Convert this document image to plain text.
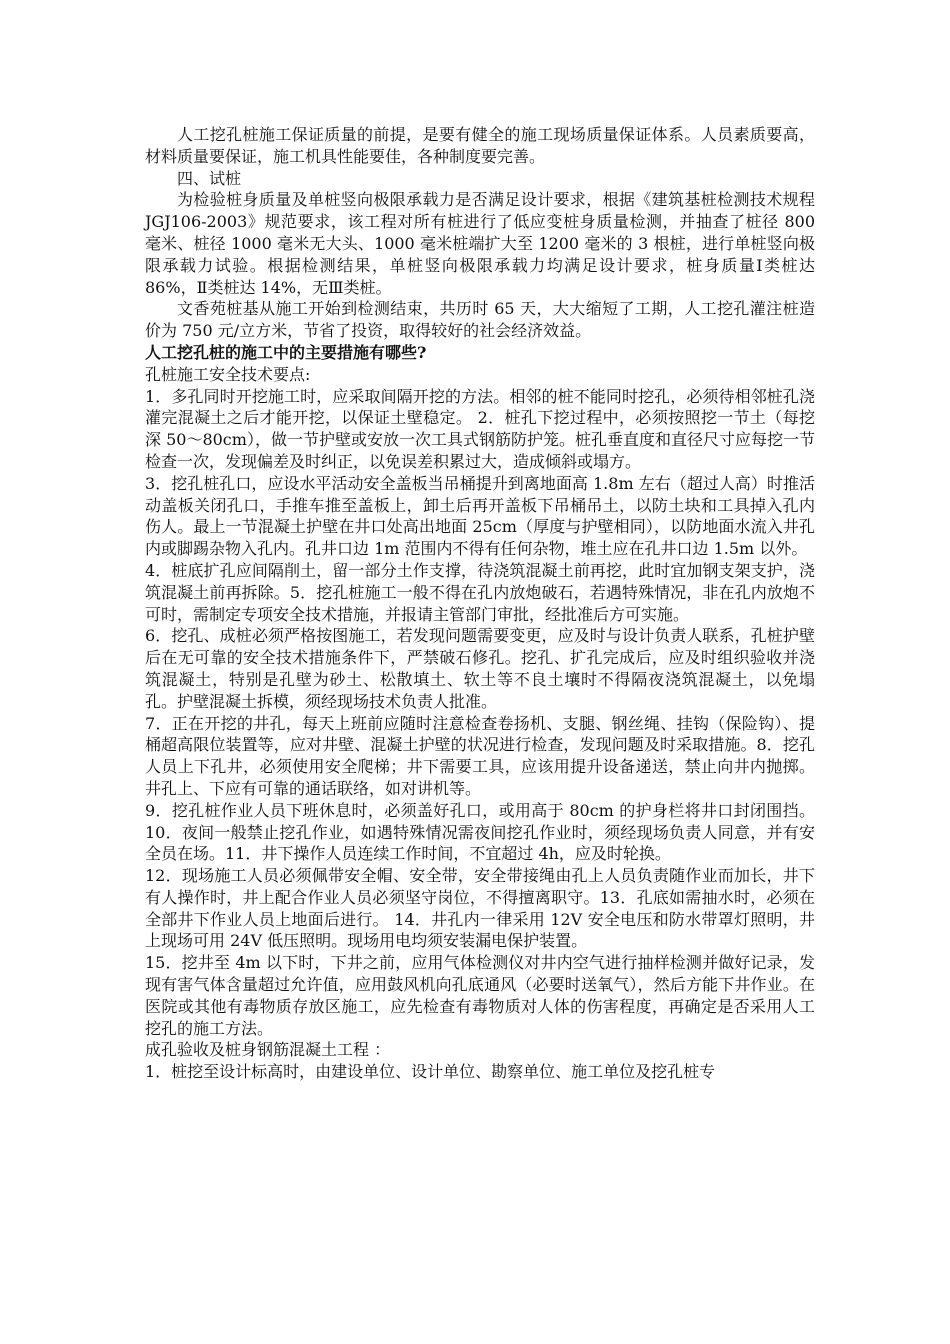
人工挖孔桩施工保证质量的前提，是要有健全的施工现场质量保证体系。人员素质要高，材料质量要保证，施工机具性能要佳，各种制度要完善。

四、试桩

为检验桩身质量及单桩竖向极限承载力是否满足设计要求，根据《建筑基桩检测技术规程 JGJ106-2003》规范要求，该工程对所有桩进行了低应变桩身质量检测，并抽查了桩径 800 毫米、桩径 1000 毫米无大头、1000 毫米桩端扩大至 1200 毫米的 3 根桩，进行单桩竖向极限承载力试验。根据检测结果，单桩竖向极限承载力均满足设计要求，桩身质量Ⅰ类桩达 86%，Ⅱ类桩达 14%，无Ⅲ类桩。

文香苑桩基从施工开始到检测结束，共历时 65 天，大大缩短了工期，人工挖孔灌注桩造价为 750 元/立方米，节省了投资，取得较好的社会经济效益。

人工挖孔桩的施工中的主要措施有哪些?

孔桩施工安全技术要点:

1．多孔同时开挖施工时，应采取间隔开挖的方法。相邻的桩不能同时挖孔，必须待相邻桩孔浇灌完混凝土之后才能开挖，以保证土壁稳定。 2．桩孔下挖过程中，必须按照挖一节土（每挖深 50～80cm），做一节护壁或安放一次工具式钢筋防护笼。桩孔垂直度和直径尺寸应每挖一节检查一次，发现偏差及时纠正，以免误差积累过大，造成倾斜或塌方。

3．挖孔桩孔口，应设水平活动安全盖板当吊桶提升到离地面高 1.8m 左右（超过人高）时推活动盖板关闭孔口，手推车推至盖板上，卸土后再开盖板下吊桶吊土，以防土块和工具掉入孔内伤人。最上一节混凝土护壁在井口处高出地面 25cm（厚度与护壁相同），以防地面水流入井孔内或脚踢杂物入孔内。孔井口边 1m 范围内不得有任何杂物，堆土应在孔井口边 1.5m 以外。

4．桩底扩孔应间隔削土，留一部分土作支撑，待浇筑混凝土前再挖，此时宜加钢支架支护，浇筑混凝土前再拆除。5．挖孔桩施工一般不得在孔内放炮破石，若遇特殊情况，非在孔内放炮不可时，需制定专项安全技术措施，并报请主管部门审批，经批准后方可实施。

6．挖孔、成桩必须严格按图施工，若发现问题需要变更，应及时与设计负责人联系，孔桩护壁后在无可靠的安全技术措施条件下，严禁破石修孔。挖孔、扩孔完成后，应及时组织验收并浇筑混凝土，特别是孔壁为砂土、松散填土、软土等不良土壤时不得隔夜浇筑混凝土，以免塌孔。护壁混凝土拆模，须经现场技术负责人批准。

7．正在开挖的井孔，每天上班前应随时注意检查卷扬机、支腿、钢丝绳、挂钩（保险钩）、提桶超高限位装置等，应对井壁、混凝土护壁的状况进行检查，发现问题及时采取措施。8．挖孔人员上下孔井，必须使用安全爬梯；井下需要工具，应该用提升设备递送，禁止向井内抛掷。井孔上、下应有可靠的通话联络，如对讲机等。

9．挖孔桩作业人员下班休息时，必须盖好孔口，或用高于 80cm 的护身栏将井口封闭围挡。 10．夜间一般禁止挖孔作业，如遇特殊情况需夜间挖孔作业时，须经现场负责人同意，并有安全员在场。11．井下操作人员连续工作时间，不宜超过 4h，应及时轮换。

12．现场施工人员必须佩带安全帽、安全带，安全带接绳由孔上人员负责随作业而加长，井下有人操作时，井上配合作业人员必须坚守岗位，不得擅离职守。13．孔底如需抽水时，必须在全部井下作业人员上地面后进行。 14．井孔内一律采用 12V 安全电压和防水带罩灯照明，井上现场可用 24V 低压照明。现场用电均须安装漏电保护装置。

15．挖井至 4m 以下时，下井之前，应用气体检测仪对井内空气进行抽样检测并做好记录，发现有害气体含量超过允许值，应用鼓风机向孔底通风（必要时送氧气），然后方能下井作业。在医院或其他有毒物质存放区施工，应先检查有毒物质对人体的伤害程度，再确定是否采用人工挖孔的施工方法。

成孔验收及桩身钢筋混凝土工程 ：

1．桩挖至设计标高时，由建设单位、设计单位、勘察单位、施工单位及挖孔桩专
